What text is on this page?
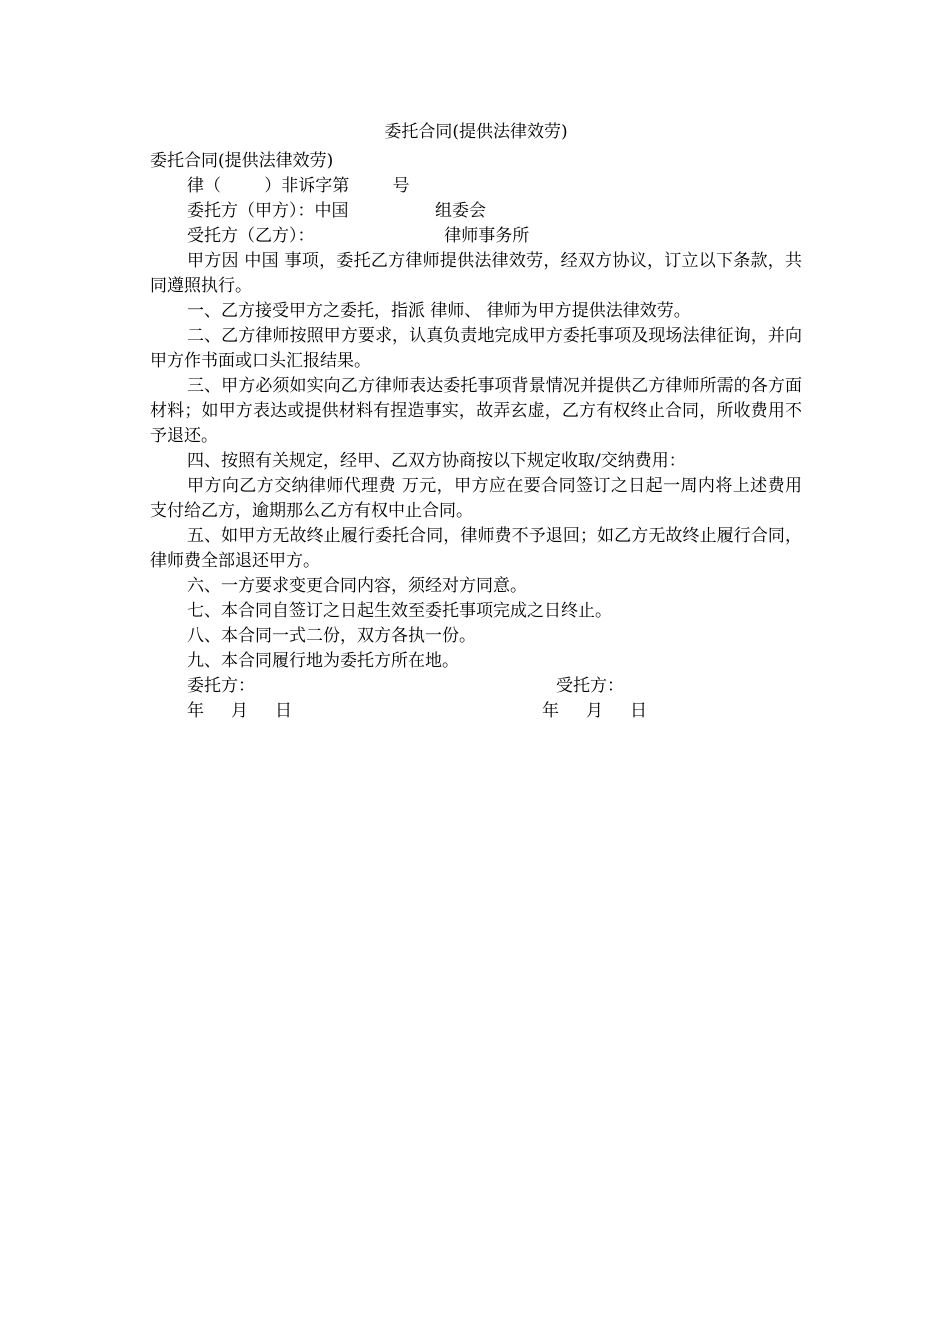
委托合同(提供法律效劳)
委托合同(提供法律效劳)
律（        ）非诉字第        号
委托方（甲方）：中国                组委会
受托方（乙方）：                        律师事务所
甲方因 中国 事项，委托乙方律师提供法律效劳，经双方协议，订立以下条款，共同遵照执行。
一、乙方接受甲方之委托，指派 律师、 律师为甲方提供法律效劳。
二、乙方律师按照甲方要求，认真负责地完成甲方委托事项及现场法律征询，并向甲方作书面或口头汇报结果。
三、甲方必须如实向乙方律师表达委托事项背景情况并提供乙方律师所需的各方面材料；如甲方表达或提供材料有捏造事实，故弄玄虚，乙方有权终止合同，所收费用不予退还。
四、按照有关规定，经甲、乙双方协商按以下规定收取/交纳费用：
甲方向乙方交纳律师代理费 万元，甲方应在要合同签订之日起一周内将上述费用支付给乙方，逾期那么乙方有权中止合同。
五、如甲方无故终止履行委托合同，律师费不予退回；如乙方无故终止履行合同，律师费全部退还甲方。
六、一方要求变更合同内容，须经对方同意。
七、本合同自签订之日起生效至委托事项完成之日终止。
八、本合同一式二份，双方各执一份。
九、本合同履行地为委托方所在地。
委托方：	受托方：
年     月     日	年     月     日
